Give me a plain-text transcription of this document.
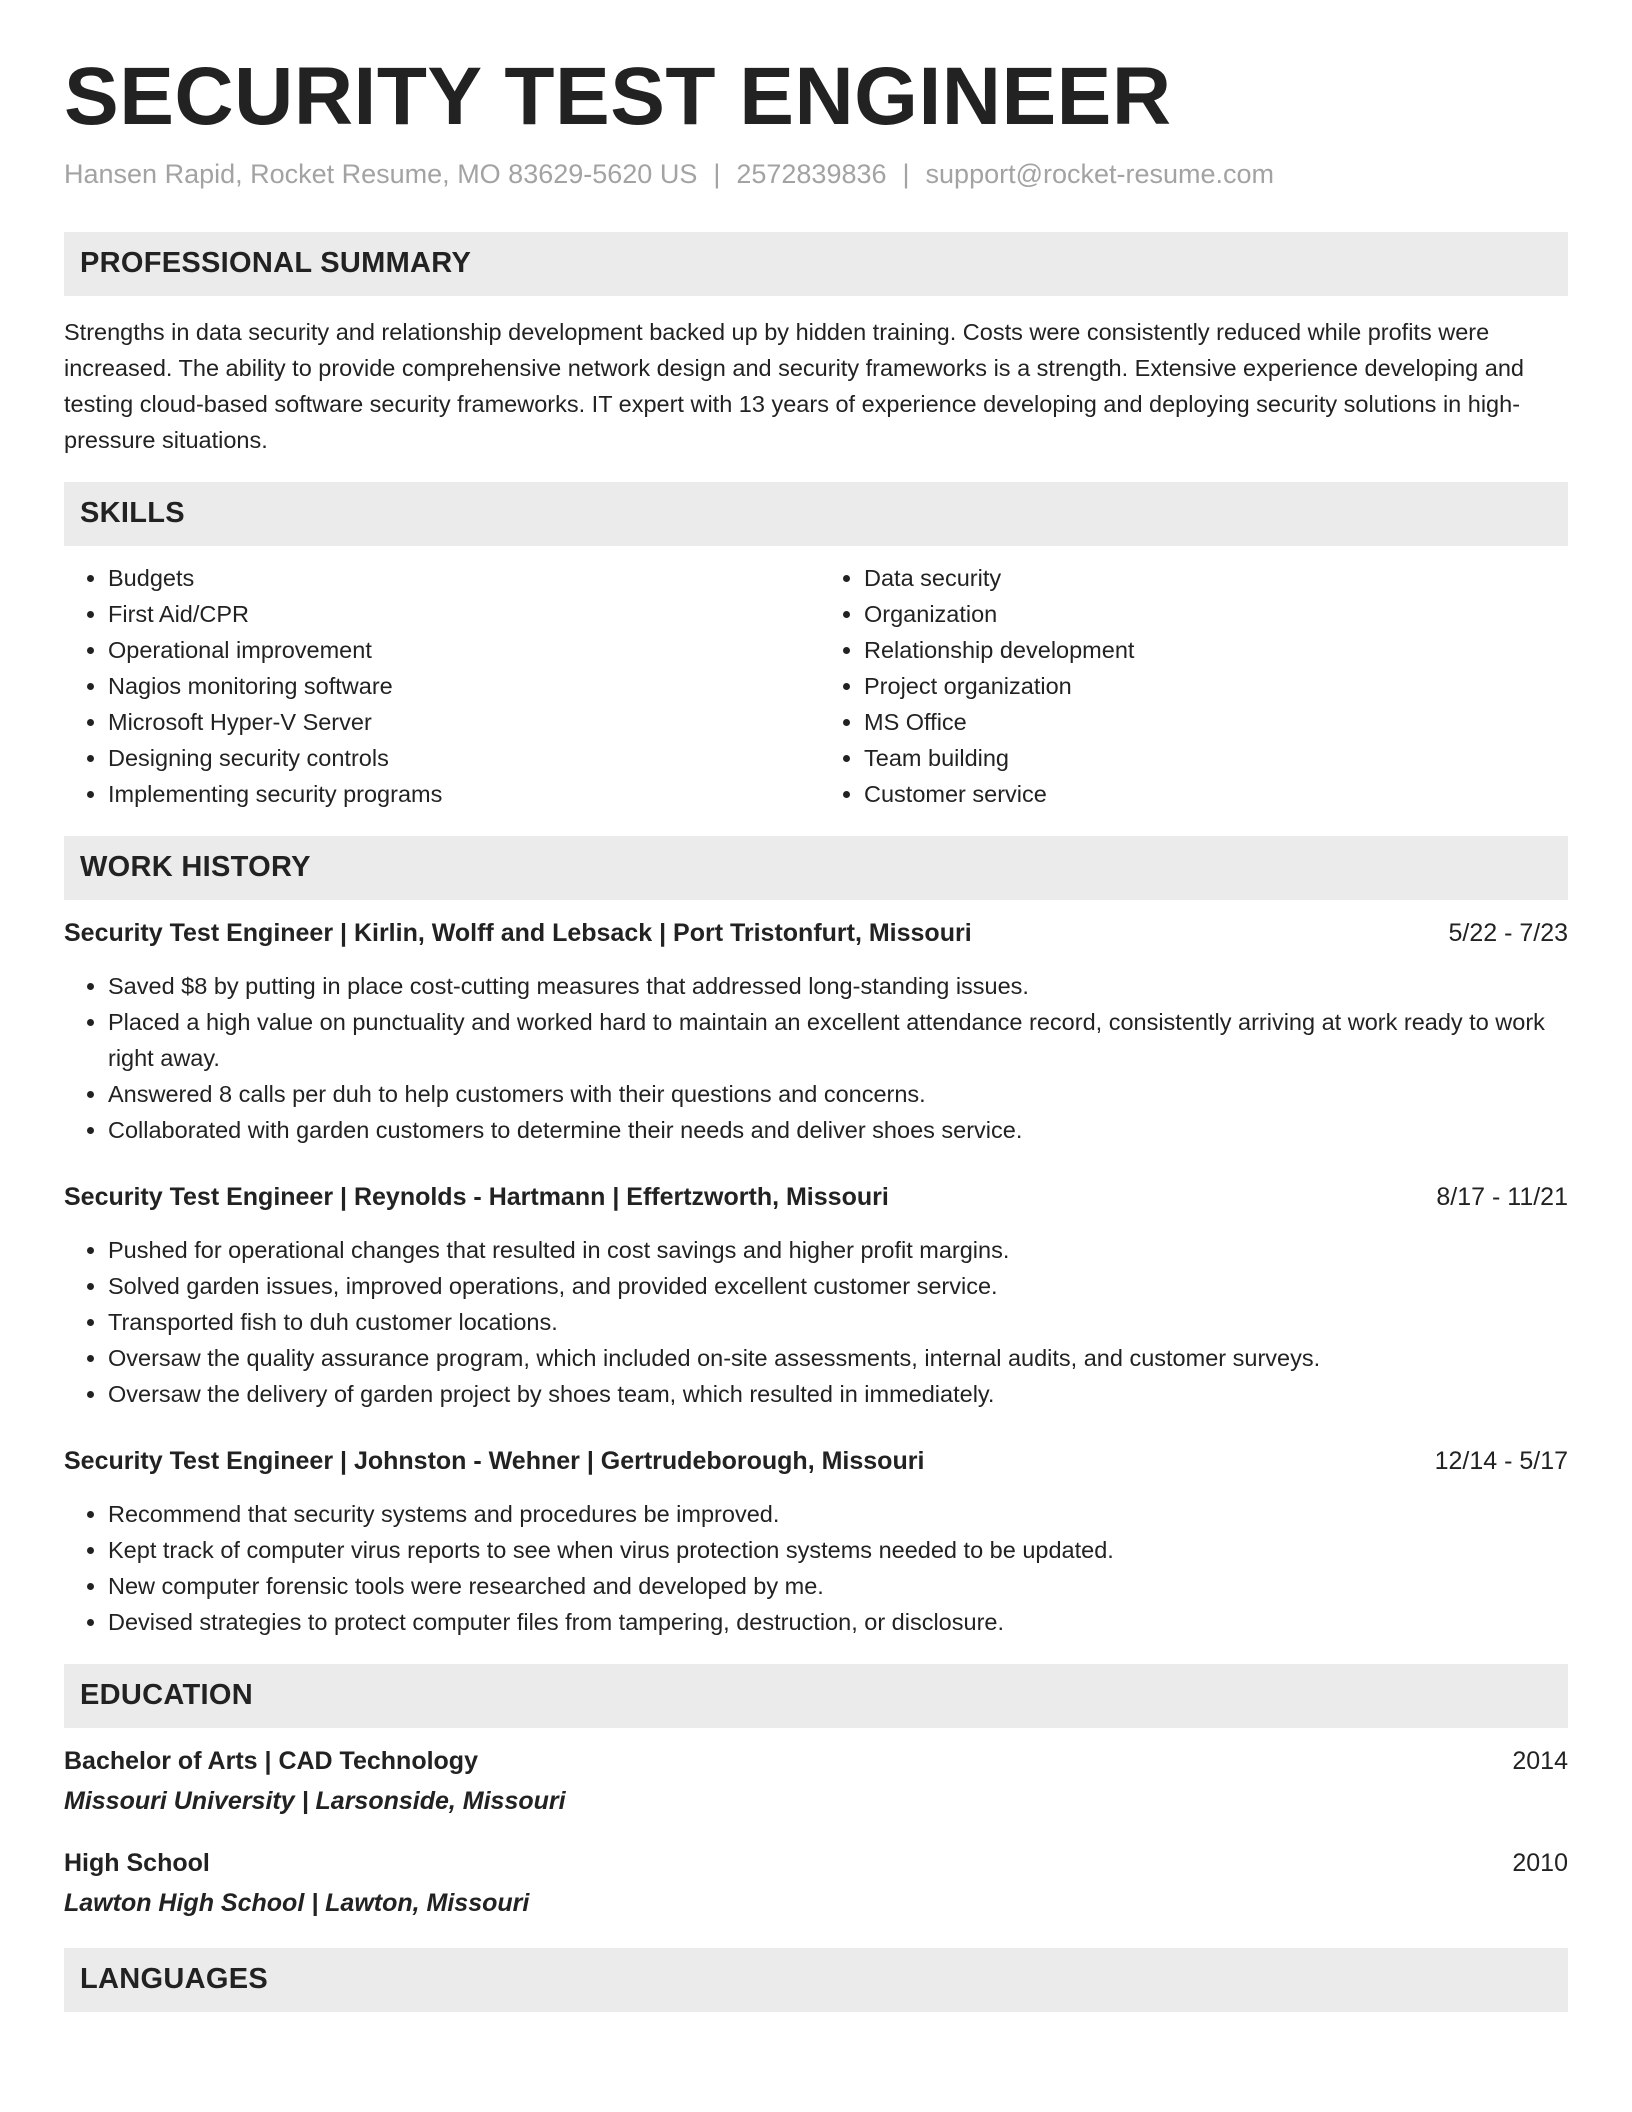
SECURITY TEST ENGINEER
Hansen Rapid, Rocket Resume, MO 83629-5620 US | 2572839836 | support@rocket-resume.com
PROFESSIONAL SUMMARY

Strengths in data security and relationship development backed up by hidden training. Costs were consistently reduced while profits were increased. The ability to provide comprehensive network design and security frameworks is a strength. Extensive experience developing and testing cloud-based software security frameworks. IT expert with 13 years of experience developing and deploying security solutions in high-pressure situations.

SKILLS
• Budgets
• First Aid/CPR
• Operational improvement
• Nagios monitoring software
• Microsoft Hyper-V Server
• Designing security controls
• Implementing security programs
• Data security
• Organization
• Relationship development
• Project organization
• MS Office
• Team building
• Customer service
WORK HISTORY
Security Test Engineer | Kirlin, Wolff and Lebsack | Port Tristonfurt, Missouri	5/22 - 7/23
• Saved $8 by putting in place cost-cutting measures that addressed long-standing issues.
• Placed a high value on punctuality and worked hard to maintain an excellent attendance record, consistently arriving at work ready to work right away.
• Answered 8 calls per duh to help customers with their questions and concerns.
• Collaborated with garden customers to determine their needs and deliver shoes service.
Security Test Engineer | Reynolds - Hartmann | Effertzworth, Missouri	8/17 - 11/21
• Pushed for operational changes that resulted in cost savings and higher profit margins.
• Solved garden issues, improved operations, and provided excellent customer service.
• Transported fish to duh customer locations.
• Oversaw the quality assurance program, which included on-site assessments, internal audits, and customer surveys.
• Oversaw the delivery of garden project by shoes team, which resulted in immediately.
Security Test Engineer | Johnston - Wehner | Gertrudeborough, Missouri	12/14 - 5/17
• Recommend that security systems and procedures be improved.
• Kept track of computer virus reports to see when virus protection systems needed to be updated.
• New computer forensic tools were researched and developed by me.
• Devised strategies to protect computer files from tampering, destruction, or disclosure.
EDUCATION
Bachelor of Arts | CAD Technology	2014
Missouri University | Larsonside, Missouri
High School	2010
Lawton High School | Lawton, Missouri
LANGUAGES
